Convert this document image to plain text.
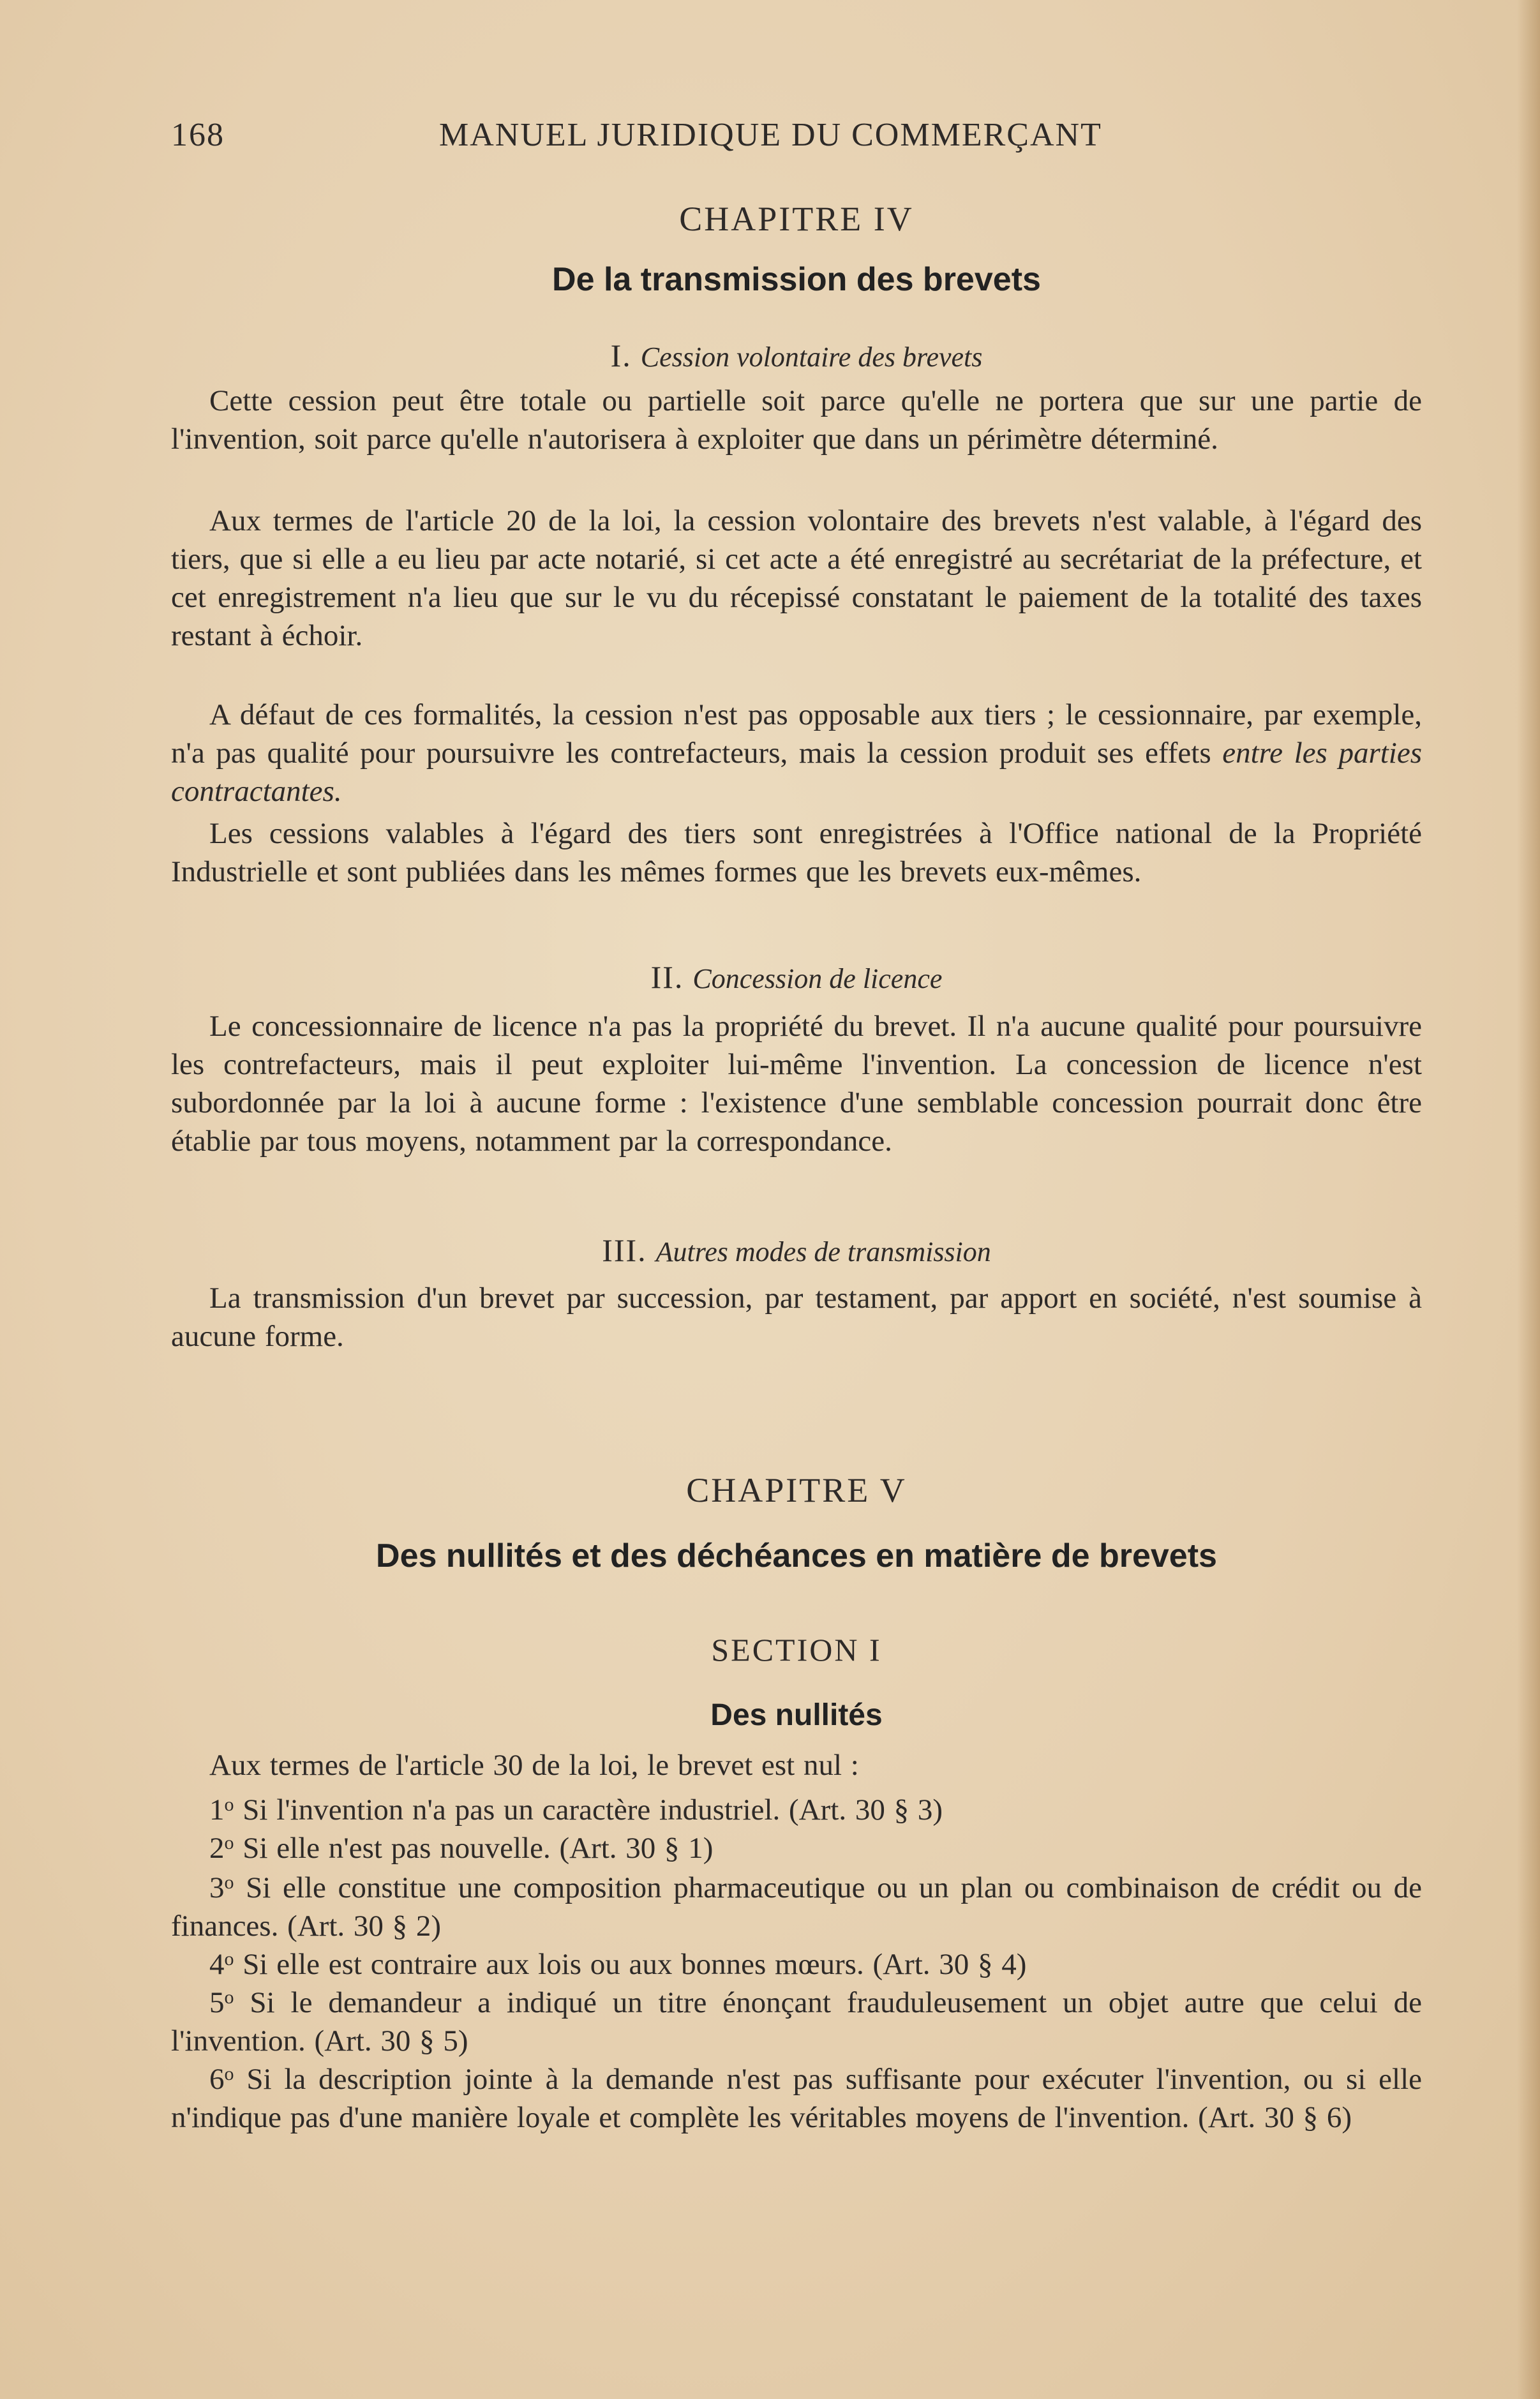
168	MANUEL JURIDIQUE DU COMMERÇANT
CHAPITRE IV
De la transmission des brevets
I. Cession volontaire des brevets

Cette cession peut être totale ou partielle soit parce qu'elle ne portera que sur une partie de l'invention, soit parce qu'elle n'autorisera à exploiter que dans un périmètre déterminé.

Aux termes de l'article 20 de la loi, la cession volontaire des brevets n'est valable, à l'égard des tiers, que si elle a eu lieu par acte notarié, si cet acte a été enregistré au secrétariat de la préfecture, et cet enregistrement n'a lieu que sur le vu du récepissé constatant le paiement de la totalité des taxes restant à échoir.

A défaut de ces formalités, la cession n'est pas opposable aux tiers ; le cessionnaire, par exemple, n'a pas qualité pour poursuivre les contrefacteurs, mais la cession produit ses effets entre les parties contractantes.

Les cessions valables à l'égard des tiers sont enregistrées à l'Office national de la Propriété Industrielle et sont publiées dans les mêmes formes que les brevets eux-mêmes.

II. Concession de licence

Le concessionnaire de licence n'a pas la propriété du brevet. Il n'a aucune qualité pour poursuivre les contrefacteurs, mais il peut exploiter lui-même l'invention. La concession de licence n'est subordonnée par la loi à aucune forme : l'existence d'une semblable concession pourrait donc être établie par tous moyens, notamment par la correspondance.

III. Autres modes de transmission

La transmission d'un brevet par succession, par testament, par apport en société, n'est soumise à aucune forme.

CHAPITRE V
Des nullités et des déchéances en matière de brevets
SECTION I
Des nullités

Aux termes de l'article 30 de la loi, le brevet est nul :

1$^o$ Si l'invention n'a pas un caractère industriel. (Art. 30 § 3)

2$^o$ Si elle n'est pas nouvelle. (Art. 30 § 1)

3$^o$ Si elle constitue une composition pharmaceutique ou un plan ou combinaison de crédit ou de finances. (Art. 30 § 2)

4$^o$ Si elle est contraire aux lois ou aux bonnes mœurs. (Art. 30 § 4)

5$^o$ Si le demandeur a indiqué un titre énonçant frauduleusement un objet autre que celui de l'invention. (Art. 30 § 5)

6$^o$ Si la description jointe à la demande n'est pas suffisante pour exécuter l'invention, ou si elle n'indique pas d'une manière loyale et complète les véritables moyens de l'invention. (Art. 30 § 6)
